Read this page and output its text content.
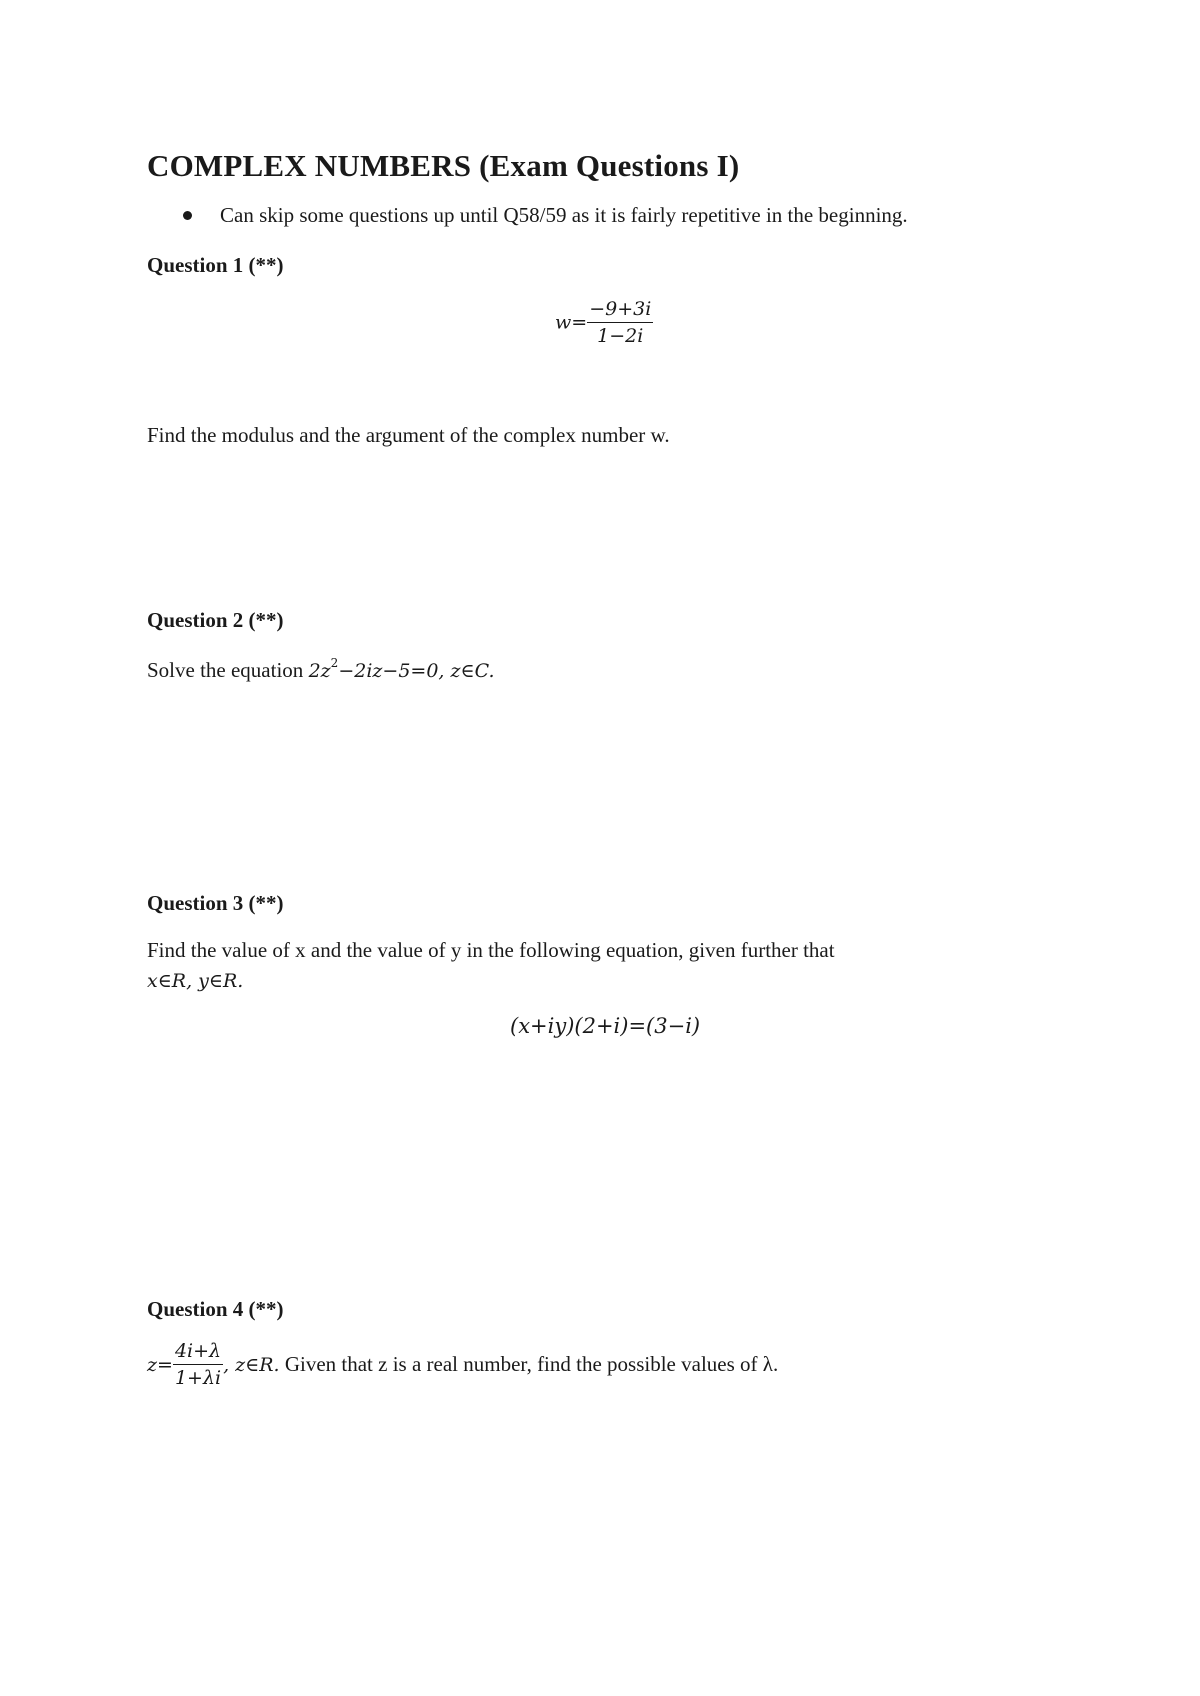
COMPLEX NUMBERS (Exam Questions I)
Can skip some questions up until Q58/59 as it is fairly repetitive in the beginning.
Question 1 (**)
$w= \frac{-9+3i}{1-2i}$
Find the modulus and the argument of the complex number w.
Question 2 (**)
Solve the equation $2z^2-2iz-5=0$, z∈C.
Question 3 (**)
Find the value of x and the value of y in the following equation, given further that
x∈R, y∈R.
(x+iy)(2+i)=(3−i)
Question 4 (**)
$z= \frac{4i+\lambda}{1+\lambda i}$ , z∈R. Given that z is a real number, find the possible values of λ.
